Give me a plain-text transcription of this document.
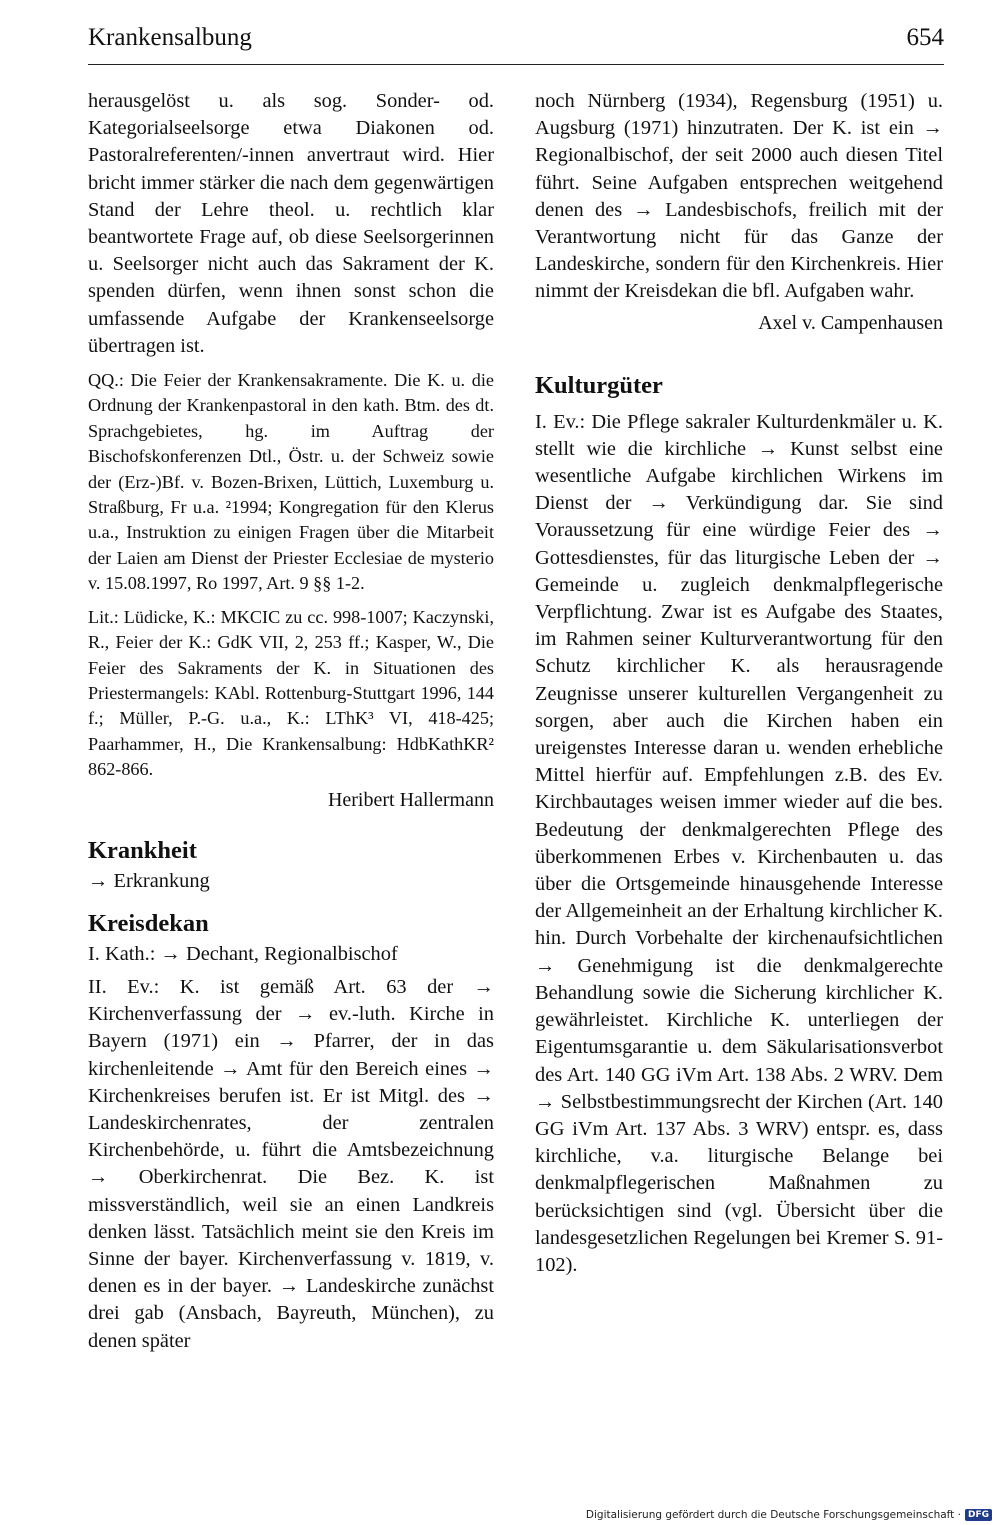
Krankensalbung	654

herausgelöst u. als sog. Sonder- od. Kategorialseelsorge etwa Diakonen od. Pastoralreferenten/-innen anvertraut wird. Hier bricht immer stärker die nach dem gegenwärtigen Stand der Lehre theol. u. rechtlich klar beantwortete Frage auf, ob diese Seelsorgerinnen u. Seelsorger nicht auch das Sakrament der K. spenden dürfen, wenn ihnen sonst schon die umfassende Aufgabe der Krankenseelsorge übertragen ist.

QQ.: Die Feier der Krankensakramente. Die K. u. die Ordnung der Krankenpastoral in den kath. Btm. des dt. Sprachgebietes, hg. im Auftrag der Bischofskonferenzen Dtl., Östr. u. der Schweiz sowie der (Erz-)Bf. v. Bozen-Brixen, Lüttich, Luxemburg u. Straßburg, Fr u.a. ²1994; Kongregation für den Klerus u.a., Instruktion zu einigen Fragen über die Mitarbeit der Laien am Dienst der Priester Ecclesiae de mysterio v. 15.08.1997, Ro 1997, Art. 9 §§ 1-2.

Lit.: Lüdicke, K.: MKCIC zu cc. 998-1007; Kaczynski, R., Feier der K.: GdK VII, 2, 253 ff.; Kasper, W., Die Feier des Sakraments der K. in Situationen des Priestermangels: KAbl. Rottenburg-Stuttgart 1996, 144 f.; Müller, P.-G. u.a., K.: LThK³ VI, 418-425; Paarhammer, H., Die Krankensalbung: HdbKathKR² 862-866.

Heribert Hallermann
Krankheit

→ Erkrankung

Kreisdekan

I. Kath.: → Dechant, Regionalbischof

II. Ev.: K. ist gemäß Art. 63 der → Kirchenverfassung der → ev.-luth. Kirche in Bayern (1971) ein → Pfarrer, der in das kirchenleitende → Amt für den Bereich eines → Kirchenkreises berufen ist. Er ist Mitgl. des → Landeskirchenrates, der zentralen Kirchenbehörde, u. führt die Amtsbezeichnung → Oberkirchenrat. Die Bez. K. ist missverständlich, weil sie an einen Landkreis denken lässt. Tatsächlich meint sie den Kreis im Sinne der bayer. Kirchenverfassung v. 1819, v. denen es in der bayer. → Landeskirche zunächst drei gab (Ansbach, Bayreuth, München), zu denen später

noch Nürnberg (1934), Regensburg (1951) u. Augsburg (1971) hinzutraten. Der K. ist ein → Regionalbischof, der seit 2000 auch diesen Titel führt. Seine Aufgaben entsprechen weitgehend denen des → Landesbischofs, freilich mit der Verantwortung nicht für das Ganze der Landeskirche, sondern für den Kirchenkreis. Hier nimmt der Kreisdekan die bfl. Aufgaben wahr.

Axel v. Campenhausen
Kulturgüter

I. Ev.: Die Pflege sakraler Kulturdenkmäler u. K. stellt wie die kirchliche → Kunst selbst eine wesentliche Aufgabe kirchlichen Wirkens im Dienst der → Verkündigung dar. Sie sind Voraussetzung für eine würdige Feier des → Gottesdienstes, für das liturgische Leben der → Gemeinde u. zugleich denkmalpflegerische Verpflichtung. Zwar ist es Aufgabe des Staates, im Rahmen seiner Kulturverantwortung für den Schutz kirchlicher K. als herausragende Zeugnisse unserer kulturellen Vergangenheit zu sorgen, aber auch die Kirchen haben ein ureigenstes Interesse daran u. wenden erhebliche Mittel hierfür auf. Empfehlungen z.B. des Ev. Kirchbautages weisen immer wieder auf die bes. Bedeutung der denkmalgerechten Pflege des überkommenen Erbes v. Kirchenbauten u. das über die Ortsgemeinde hinausgehende Interesse der Allgemeinheit an der Erhaltung kirchlicher K. hin. Durch Vorbehalte der kirchenaufsichtlichen → Genehmigung ist die denkmalgerechte Behandlung sowie die Sicherung kirchlicher K. gewährleistet. Kirchliche K. unterliegen der Eigentumsgarantie u. dem Säkularisationsverbot des Art. 140 GG iVm Art. 138 Abs. 2 WRV. Dem → Selbstbestimmungsrecht der Kirchen (Art. 140 GG iVm Art. 137 Abs. 3 WRV) entspr. es, dass kirchliche, v.a. liturgische Belange bei denkmalpflegerischen Maßnahmen zu berücksichtigen sind (vgl. Übersicht über die landesgesetzlichen Regelungen bei Kremer S. 91-102).

Digitalisierung gefördert durch die Deutsche Forschungsgemeinschaft · DFG
